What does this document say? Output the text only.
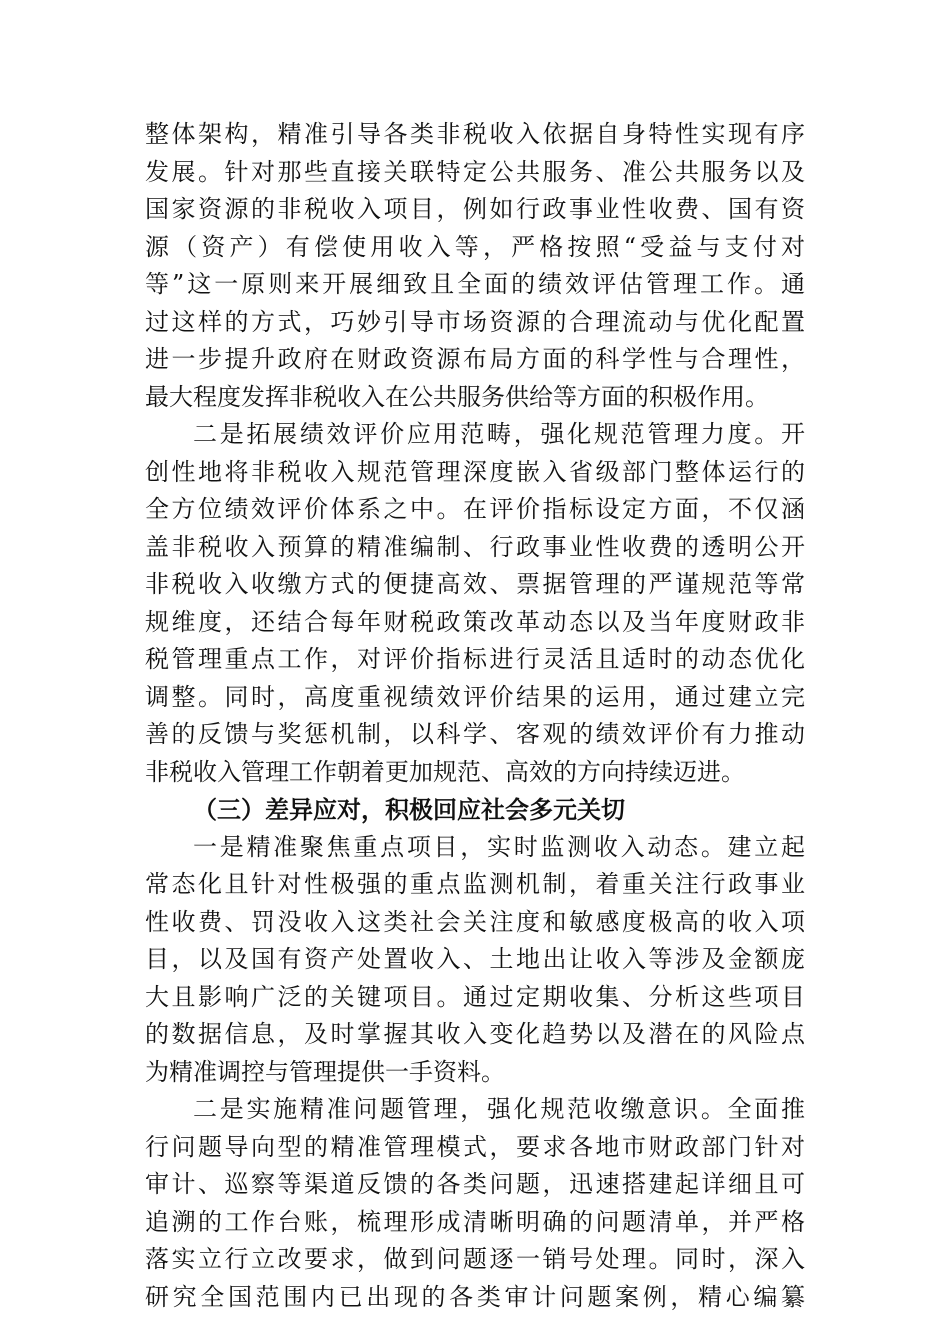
整体架构，精准引导各类非税收入依据自身特性实现有序
发展。针对那些直接关联特定公共服务、准公共服务以及
国家资源的非税收入项目，例如行政事业性收费、国有资
源（资产）有偿使用收入等，严格按照“受益与支付对
等”这一原则来开展细致且全面的绩效评估管理工作。通
过这样的方式，巧妙引导市场资源的合理流动与优化配置
进一步提升政府在财政资源布局方面的科学性与合理性，
最大程度发挥非税收入在公共服务供给等方面的积极作用。
二是拓展绩效评价应用范畴，强化规范管理力度。开
创性地将非税收入规范管理深度嵌入省级部门整体运行的
全方位绩效评价体系之中。在评价指标设定方面，不仅涵
盖非税收入预算的精准编制、行政事业性收费的透明公开
非税收入收缴方式的便捷高效、票据管理的严谨规范等常
规维度，还结合每年财税政策改革动态以及当年度财政非
税管理重点工作，对评价指标进行灵活且适时的动态优化
调整。同时，高度重视绩效评价结果的运用，通过建立完
善的反馈与奖惩机制，以科学、客观的绩效评价有力推动
非税收入管理工作朝着更加规范、高效的方向持续迈进。
（三）差异应对，积极回应社会多元关切
一是精准聚焦重点项目，实时监测收入动态。建立起
常态化且针对性极强的重点监测机制，着重关注行政事业
性收费、罚没收入这类社会关注度和敏感度极高的收入项
目，以及国有资产处置收入、土地出让收入等涉及金额庞
大且影响广泛的关键项目。通过定期收集、分析这些项目
的数据信息，及时掌握其收入变化趋势以及潜在的风险点
为精准调控与管理提供一手资料。
二是实施精准问题管理，强化规范收缴意识。全面推
行问题导向型的精准管理模式，要求各地市财政部门针对
审计、巡察等渠道反馈的各类问题，迅速搭建起详细且可
追溯的工作台账，梳理形成清晰明确的问题清单，并严格
落实立行立改要求，做到问题逐一销号处理。同时，深入
研究全国范围内已出现的各类审计问题案例，精心编纂
